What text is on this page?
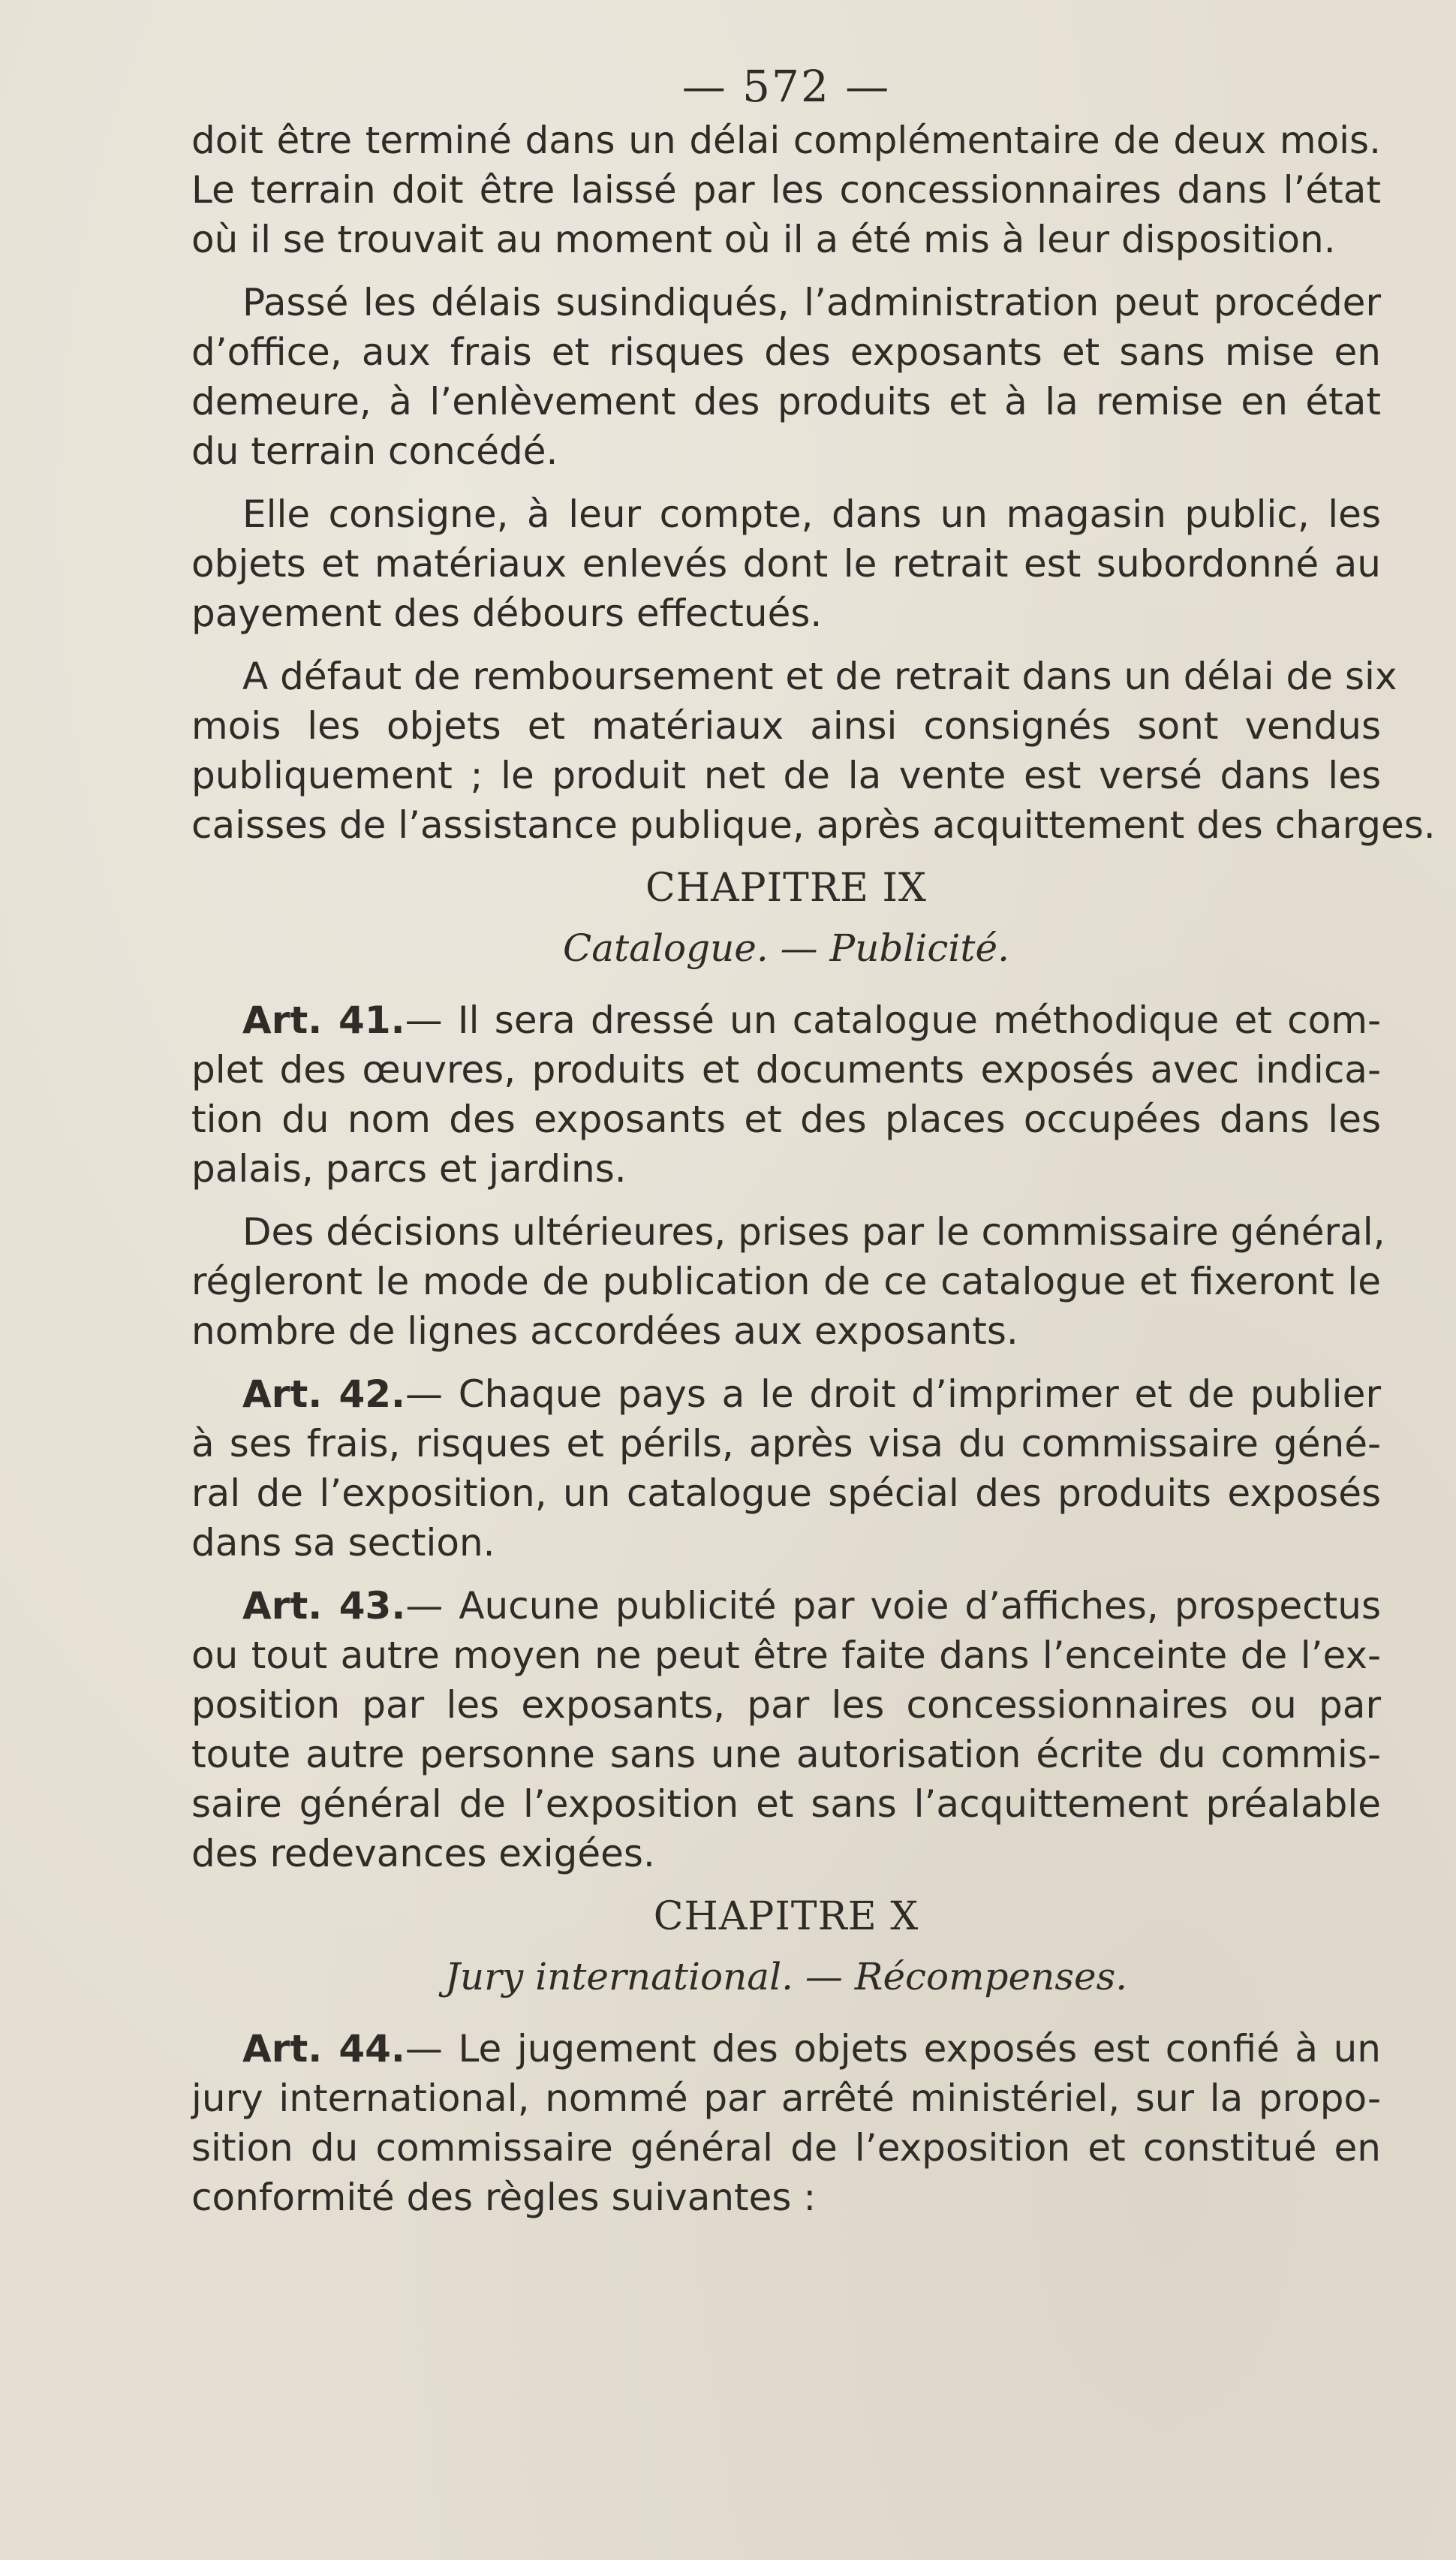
— 572 —
doit être terminé dans un délai complémentaire de deux mois.
Le terrain doit être laissé par les concessionnaires dans l’état
où il se trouvait au moment où il a été mis à leur disposition.
Passé les délais susindiqués, l’administration peut procéder
d’office, aux frais et risques des exposants et sans mise en
demeure, à l’enlèvement des produits et à la remise en état
du terrain concédé.
Elle consigne, à leur compte, dans un magasin public, les
objets et matériaux enlevés dont le retrait est subordonné au
payement des débours effectués.
A défaut de remboursement et de retrait dans un délai de six
mois les objets et matériaux ainsi consignés sont vendus
publiquement ; le produit net de la vente est versé dans les
caisses de l’assistance publique, après acquittement des charges.
CHAPITRE IX
Catalogue. — Publicité.
Art. 41.— Il sera dressé un catalogue méthodique et com-
plet des œuvres, produits et documents exposés avec indica-
tion du nom des exposants et des places occupées dans les
palais, parcs et jardins.
Des décisions ultérieures, prises par le commissaire général,
régleront le mode de publication de ce catalogue et fixeront le
nombre de lignes accordées aux exposants.
Art. 42.— Chaque pays a le droit d’imprimer et de publier
à ses frais, risques et périls, après visa du commissaire géné-
ral de l’exposition, un catalogue spécial des produits exposés
dans sa section.
Art. 43.— Aucune publicité par voie d’affiches, prospectus
ou tout autre moyen ne peut être faite dans l’enceinte de l’ex-
position par les exposants, par les concessionnaires ou par
toute autre personne sans une autorisation écrite du commis-
saire général de l’exposition et sans l’acquittement préalable
des redevances exigées.
CHAPITRE X
Jury international. — Récompenses.
Art. 44.— Le jugement des objets exposés est confié à un
jury international, nommé par arrêté ministériel, sur la propo-
sition du commissaire général de l’exposition et constitué en
conformité des règles suivantes :
